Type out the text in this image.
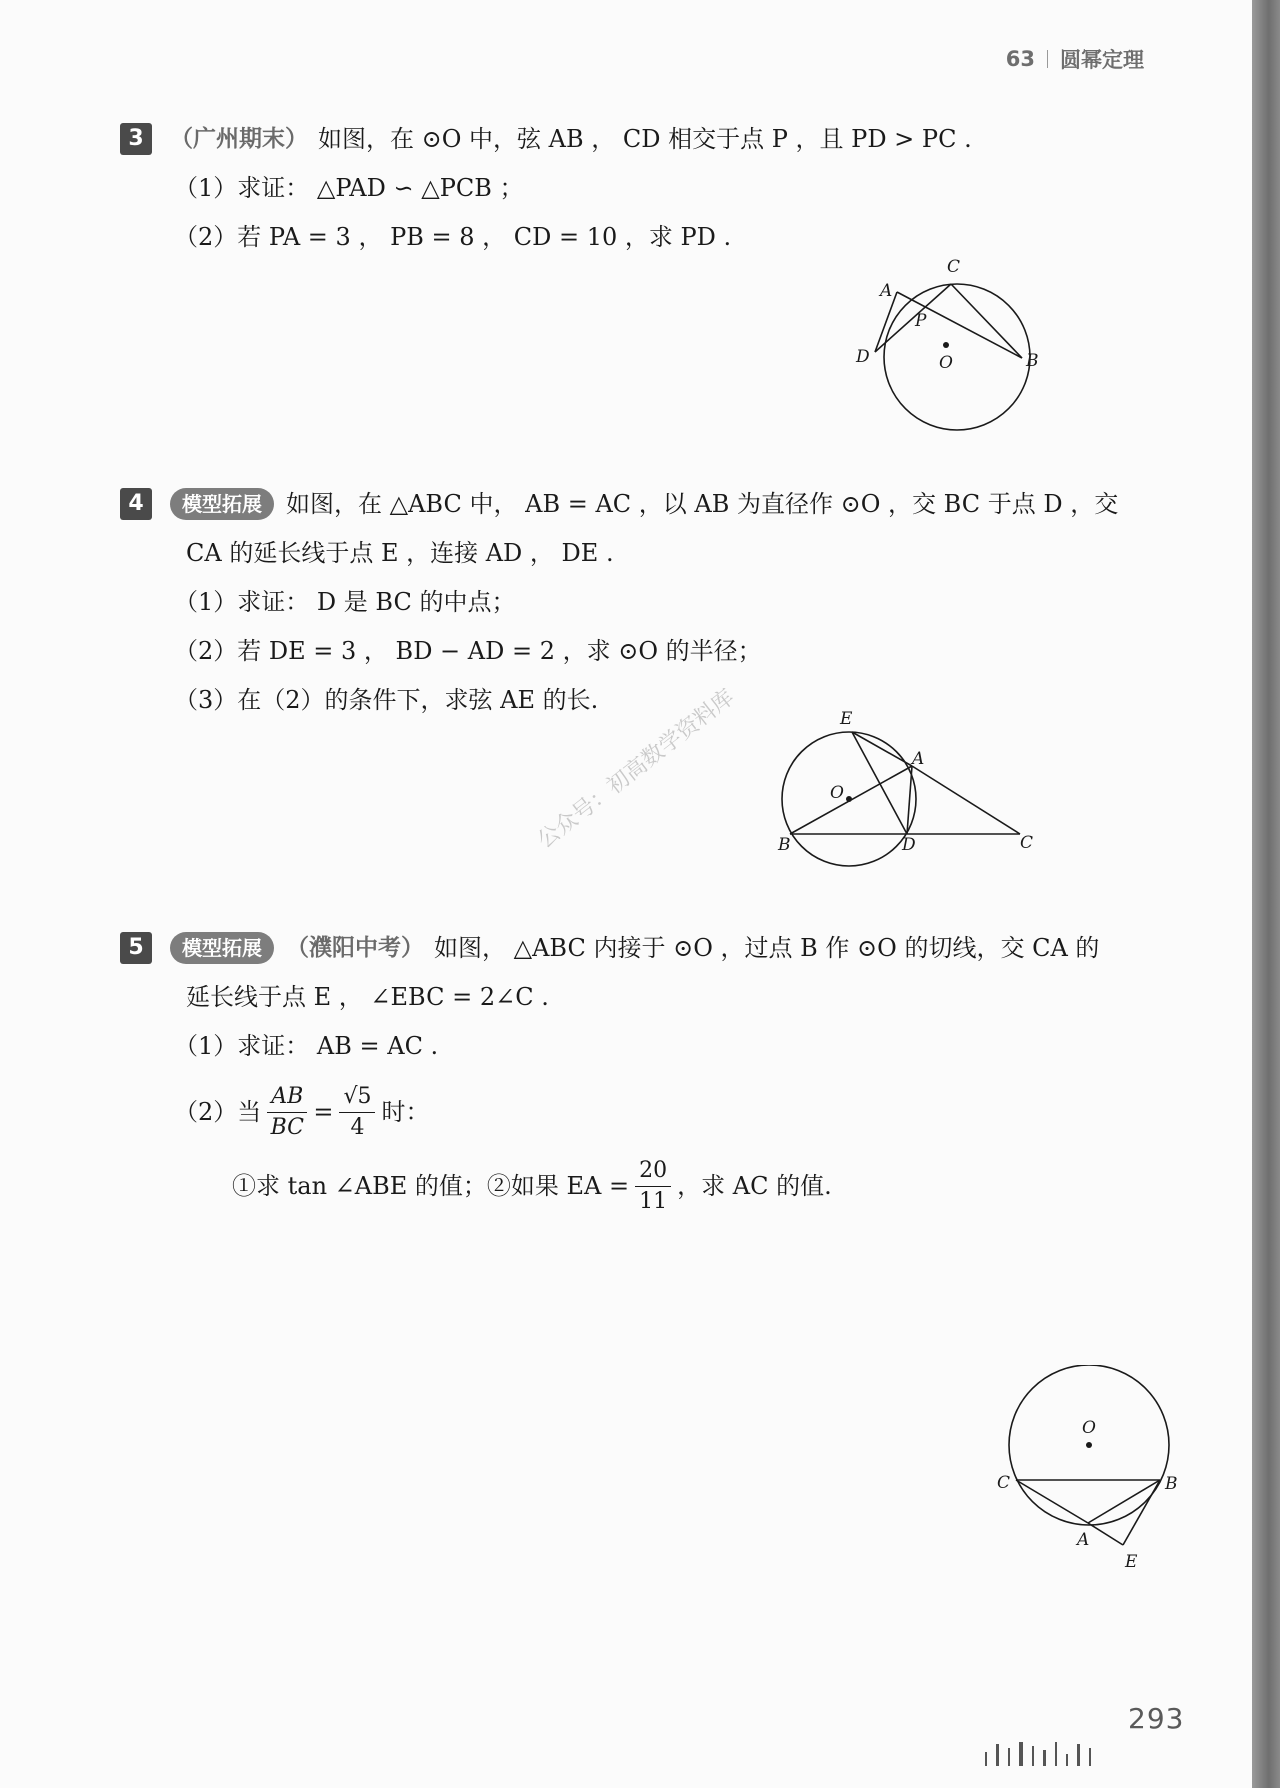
63 圆幂定理
3	（广州期末） 如图，在 ⊙O 中，弦 AB ， CD 相交于点 P ，且 PD > PC .
（1）求证： △PAD ∽ △PCB ；
（2）若 PA = 3 ， PB = 8 ， CD = 10 ，求 PD .
C
A
P
D	O	B
4	模型拓展	如图，在 △ABC 中， AB = AC ，以 AB 为直径作 ⊙O ，交 BC 于点 D ，交
CA 的延长线于点 E ，连接 AD ， DE .
（1）求证： D 是 BC 的中点；
（2）若 DE = 3 ， BD − AD = 2 ，求 ⊙O 的半径；
（3）在（2）的条件下，求弦 AE 的长.
E
A
O
B	D	C
5	模型拓展	（濮阳中考） 如图， △ABC 内接于 ⊙O ，过点 B 作 ⊙O 的切线，交 CA 的
延长线于点 E ， ∠EBC = 2∠C .
（1）求证： AB = AC .
（2）当 $\frac{AB}{BC} = \frac{√5}{4}$ 时：
①求 tan ∠ABE 的值；②如果 EA = $\frac{20}{11}$ ，求 AC 的值.
O
C	B
A
E
公众号：初高数学资料库
293
